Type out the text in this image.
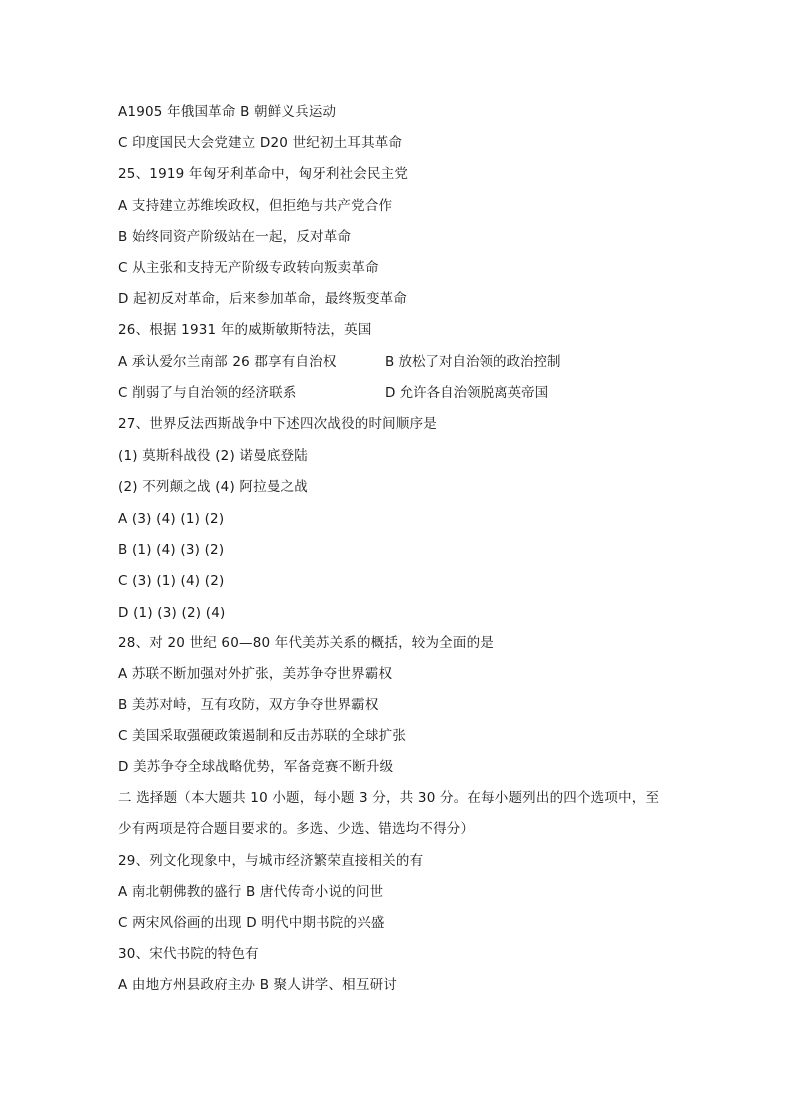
A1905 年俄国革命 B 朝鲜义兵运动
C 印度国民大会党建立 D20 世纪初土耳其革命
25、1919 年匈牙利革命中，匈牙利社会民主党
A 支持建立苏维埃政权，但拒绝与共产党合作
B 始终同资产阶级站在一起，反对革命
C 从主张和支持无产阶级专政转向叛卖革命
D 起初反对革命，后来参加革命，最终叛变革命
26、根据 1931 年的威斯敏斯特法，英国
A 承认爱尔兰南部 26 郡享有自治权	B 放松了对自治领的政治控制
C 削弱了与自治领的经济联系	D 允许各自治领脱离英帝国
27、世界反法西斯战争中下述四次战役的时间顺序是
(1) 莫斯科战役 (2) 诺曼底登陆
(2) 不列颠之战 (4) 阿拉曼之战
A (3) (4) (1) (2)
B (1) (4) (3) (2)
C (3) (1) (4) (2)
D (1) (3) (2) (4)
28、对 20 世纪 60—80 年代美苏关系的概括，较为全面的是
A 苏联不断加强对外扩张，美苏争夺世界霸权
B 美苏对峙，互有攻防，双方争夺世界霸权
C 美国采取强硬政策遏制和反击苏联的全球扩张
D 美苏争夺全球战略优势，军备竞赛不断升级
二 选择题（本大题共 10 小题，每小题 3 分，共 30 分。在每小题列出的四个选项中，至
少有两项是符合题目要求的。多选、少选、错选均不得分）
29、列文化现象中，与城市经济繁荣直接相关的有
A 南北朝佛教的盛行 B 唐代传奇小说的问世
C 两宋风俗画的出现 D 明代中期书院的兴盛
30、宋代书院的特色有
A 由地方州县政府主办 B 聚人讲学、相互研讨
